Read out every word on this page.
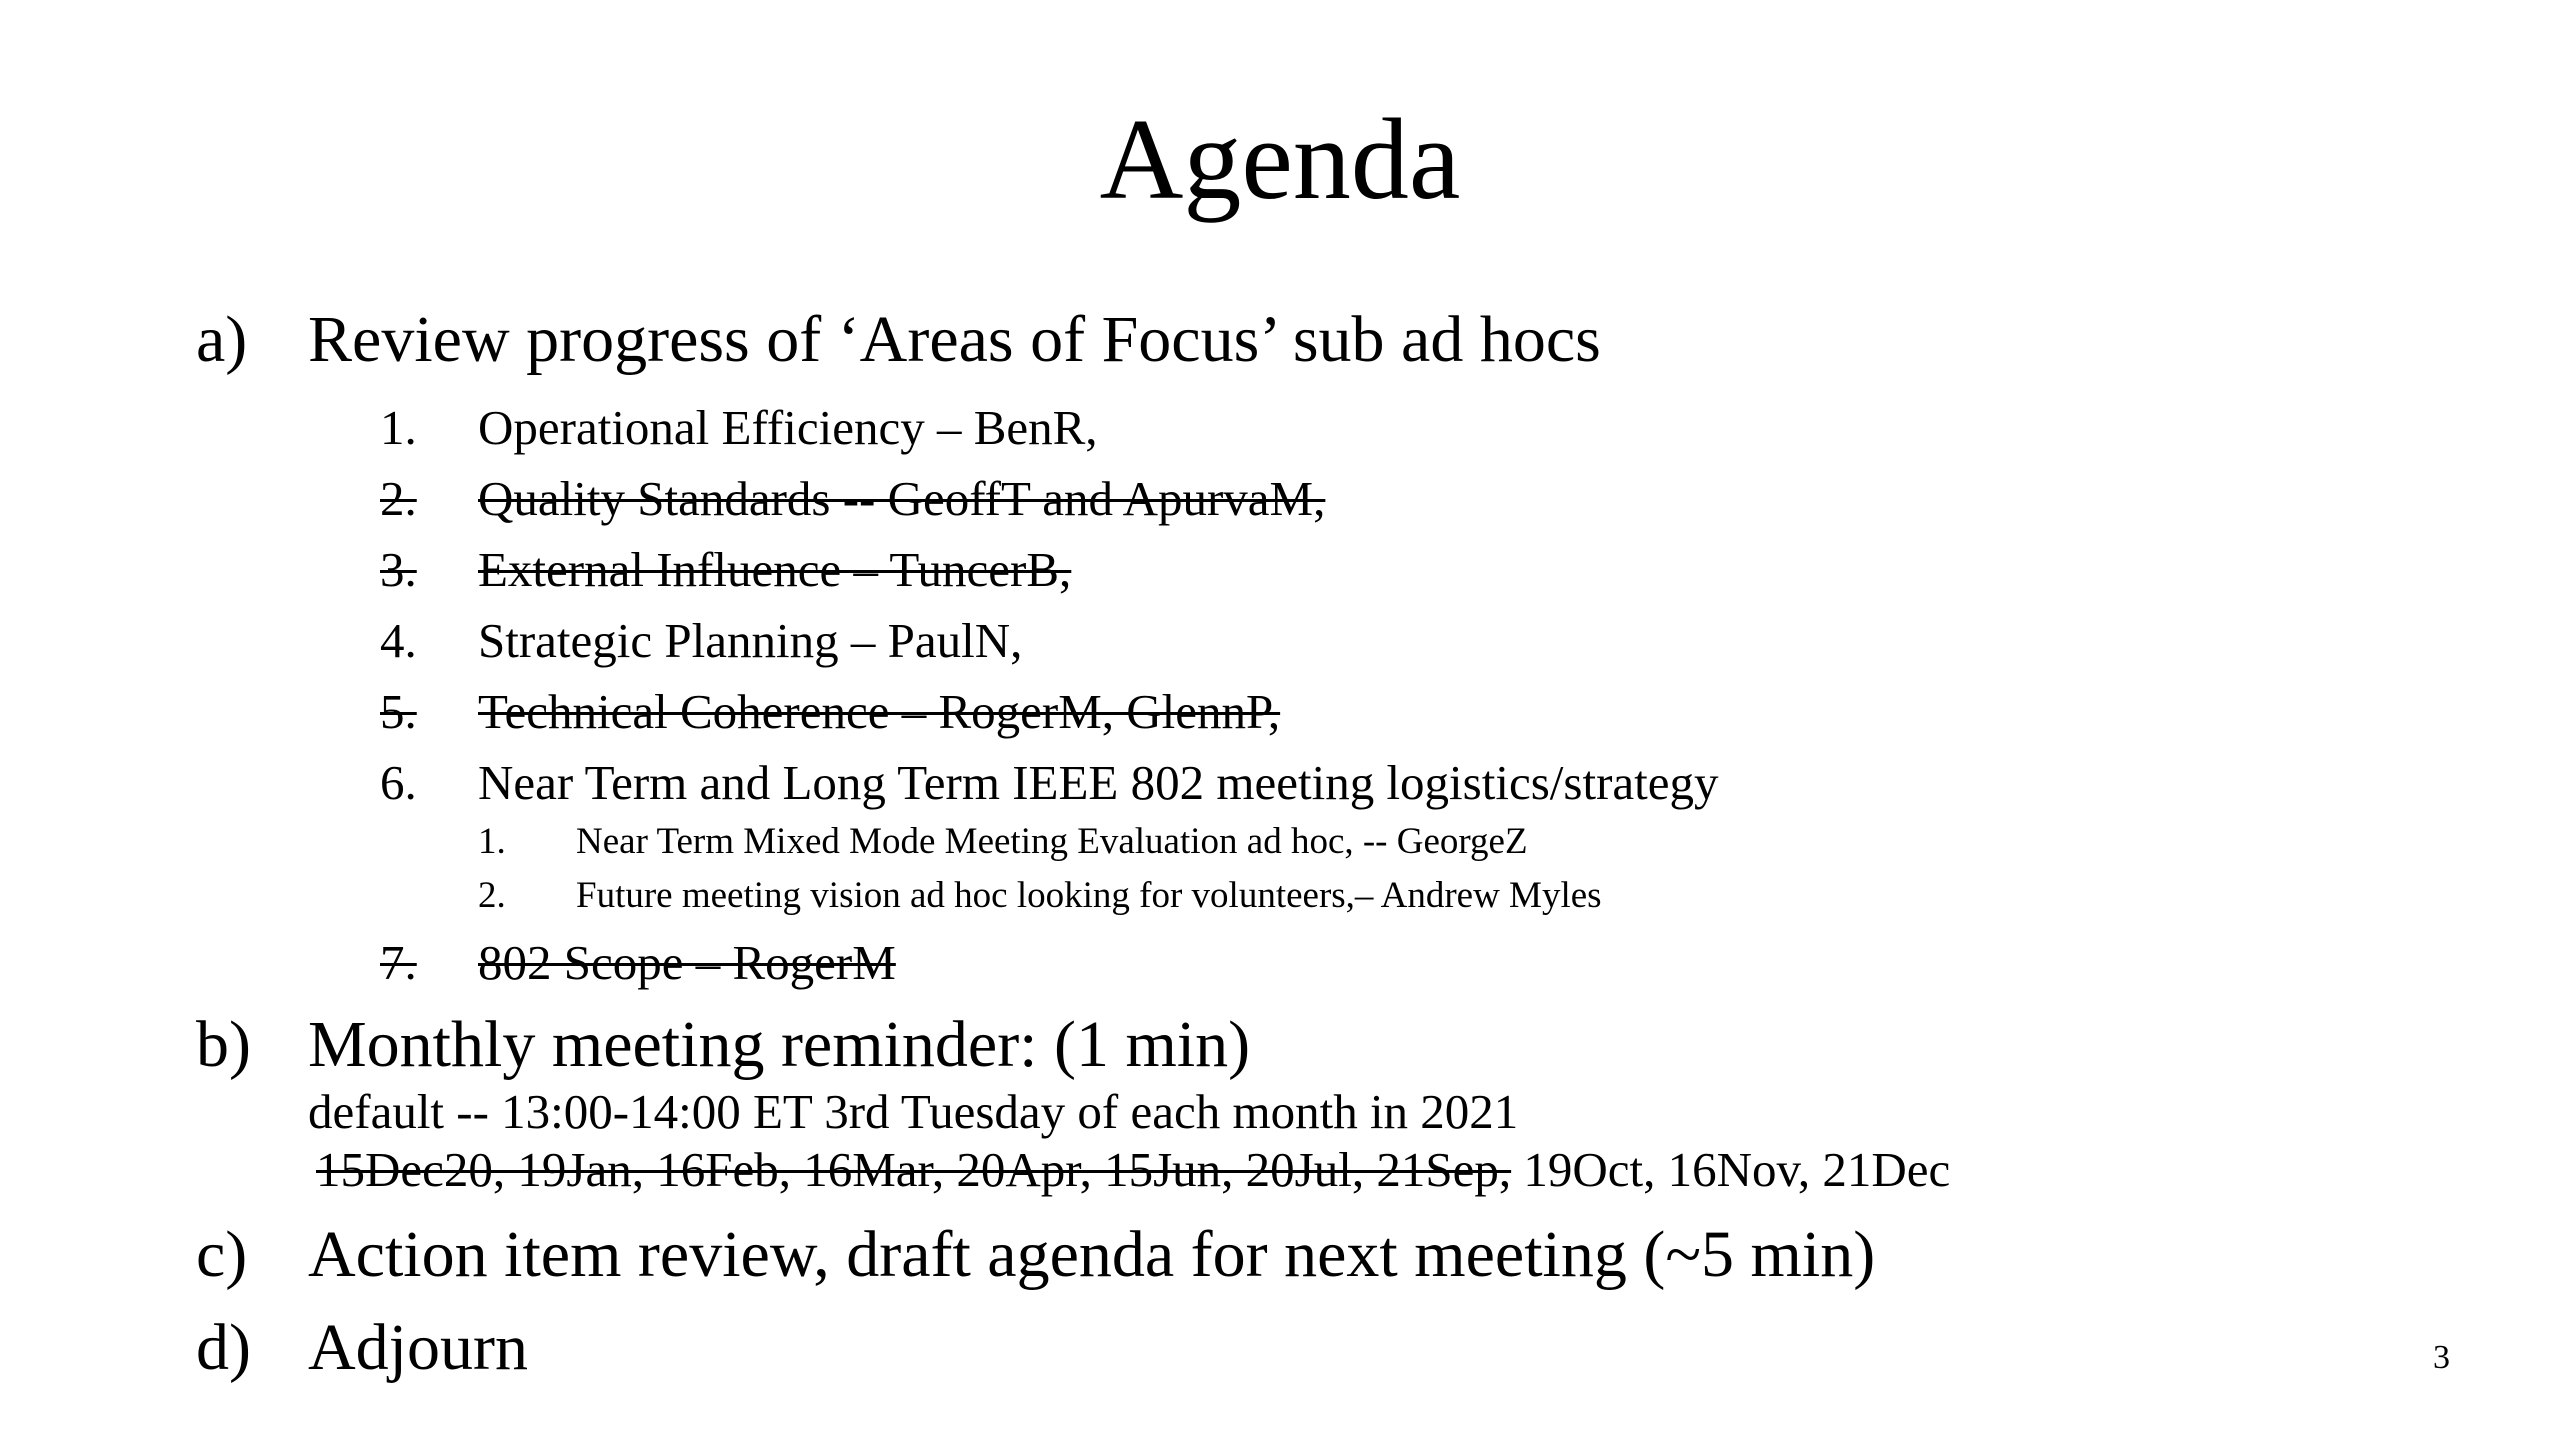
Agenda
a) Review progress of ‘Areas of Focus’ sub ad hocs
1. Operational Efficiency – BenR,
2.	Quality Standards -- GeoffT and ApurvaM,
3.	External Influence – TuncerB,
4. Strategic Planning – PaulN,
5.	Technical Coherence – RogerM, GlennP,
6. Near Term and Long Term IEEE 802 meeting logistics/strategy
1. Near Term Mixed Mode Meeting Evaluation ad hoc, -- GeorgeZ
2. Future meeting vision ad hoc looking for volunteers,– Andrew Myles
7.	802 Scope – RogerM
b) Monthly meeting reminder: (1 min)
default -- 13:00-14:00 ET 3rd Tuesday of each month in 2021
15Dec20, 19Jan, 16Feb, 16Mar, 20Apr, 15Jun, 20Jul, 21Sep, 19Oct, 16Nov, 21Dec
c) Action item review, draft agenda for next meeting (~5 min)
d) Adjourn	3
